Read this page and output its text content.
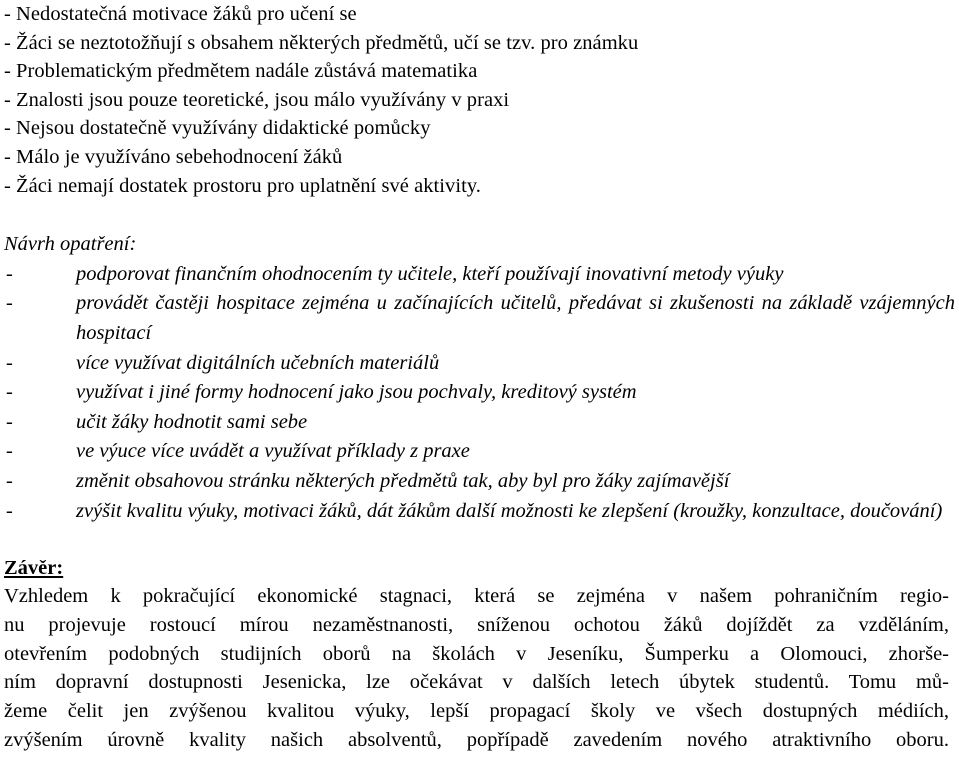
- Nedostatečná motivace žáků pro učení se
- Žáci se neztotožňují s obsahem některých předmětů, učí se tzv. pro známku
- Problematickým předmětem nadále zůstává matematika
- Znalosti jsou pouze teoretické, jsou málo využívány v praxi
- Nejsou dostatečně využívány didaktické pomůcky
- Málo je využíváno sebehodnocení žáků
- Žáci nemají dostatek prostoru pro uplatnění své aktivity.
Návrh opatření:
-	podporovat finančním ohodnocením ty učitele, kteří používají inovativní metody výuky
-	provádět častěji hospitace zejména u začínajících učitelů, předávat si zkušenosti na základě vzájemných hospitací
-	více využívat digitálních učebních materiálů
-	využívat i jiné formy hodnocení jako jsou pochvaly, kreditový systém
-	učit žáky hodnotit sami sebe
-	ve výuce více uvádět a využívat příklady z praxe
-	změnit obsahovou stránku některých předmětů tak, aby byl pro žáky zajímavější
-	zvýšit kvalitu výuky, motivaci žáků, dát žákům další možnosti ke zlepšení (kroužky, konzultace, doučování)
Závěr:
Vzhledem k pokračující ekonomické stagnaci, která se zejména v našem pohraničním regio-
nu projevuje rostoucí mírou nezaměstnanosti, sníženou ochotou žáků dojíždět za vzděláním,
otevřením podobných studijních oborů na školách v Jeseníku, Šumperku a Olomouci, zhorše-
ním dopravní dostupnosti Jesenicka, lze očekávat v dalších letech úbytek studentů. Tomu mů-
žeme čelit jen zvýšenou kvalitou výuky, lepší propagací školy ve všech dostupných médiích,
zvýšením úrovně kvality našich absolventů, popřípadě zavedením nového atraktivního oboru.
